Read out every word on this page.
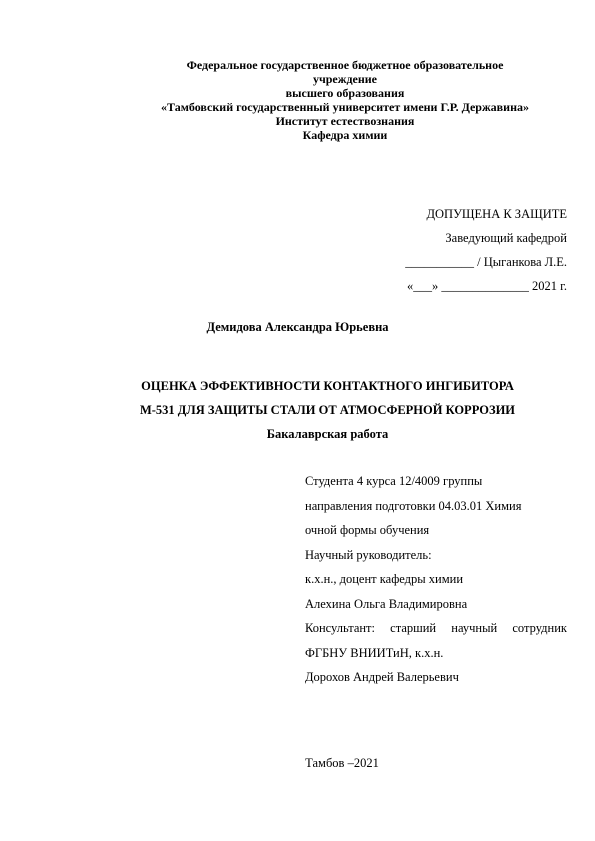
Федеральное государственное бюджетное образовательное
учреждение
высшего образования
«Тамбовский государственный университет имени Г.Р. Державина»
Институт естествознания
Кафедра химии
ДОПУЩЕНА К ЗАЩИТЕ
Заведующий кафедрой
___________ / Цыганкова Л.Е.
«___» ______________ 2021 г.
Демидова Александра Юрьевна
ОЦЕНКА ЭФФЕКТИВНОСТИ КОНТАКТНОГО ИНГИБИТОРА
М-531 ДЛЯ ЗАЩИТЫ СТАЛИ ОТ АТМОСФЕРНОЙ КОРРОЗИИ
Бакалаврская работа
Студента 4 курса 12/4009 группы
направления подготовки 04.03.01 Химия
очной формы обучения
Научный руководитель:
к.х.н., доцент кафедры химии
Алехина Ольга Владимировна
Консультант: старший научный сотрудник
ФГБНУ ВНИИТиН, к.х.н.
Дорохов Андрей Валерьевич
Тамбов –2021
